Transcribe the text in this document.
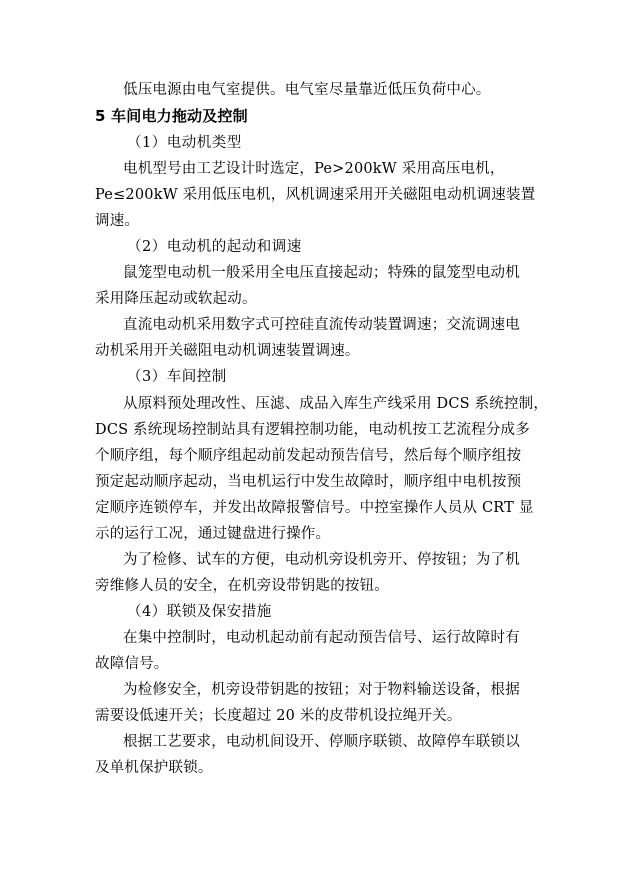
低压电源由电气室提供。电气室尽量靠近低压负荷中心。
5 车间电力拖动及控制
（1）电动机类型
电机型号由工艺设计时选定，Pe>200kW 采用高压电机，
Pe≤200kW 采用低压电机，风机调速采用开关磁阻电动机调速装置
调速。
（2）电动机的起动和调速
鼠笼型电动机一般采用全电压直接起动；特殊的鼠笼型电动机
采用降压起动或软起动。
直流电动机采用数字式可控硅直流传动装置调速；交流调速电
动机采用开关磁阻电动机调速装置调速。
（3）车间控制
从原料预处理改性、压滤、成品入库生产线采用 DCS 系统控制，
DCS 系统现场控制站具有逻辑控制功能，电动机按工艺流程分成多
个顺序组，每个顺序组起动前发起动预告信号，然后每个顺序组按
预定起动顺序起动，当电机运行中发生故障时，顺序组中电机按预
定顺序连锁停车，并发出故障报警信号。中控室操作人员从 CRT 显
示的运行工况，通过键盘进行操作。
为了检修、试车的方便，电动机旁设机旁开、停按钮；为了机
旁维修人员的安全，在机旁设带钥匙的按钮。
（4）联锁及保安措施
在集中控制时，电动机起动前有起动预告信号、运行故障时有
故障信号。
为检修安全，机旁设带钥匙的按钮；对于物料输送设备，根据
需要设低速开关；长度超过 20 米的皮带机设拉绳开关。
根据工艺要求，电动机间设开、停顺序联锁、故障停车联锁以
及单机保护联锁。
